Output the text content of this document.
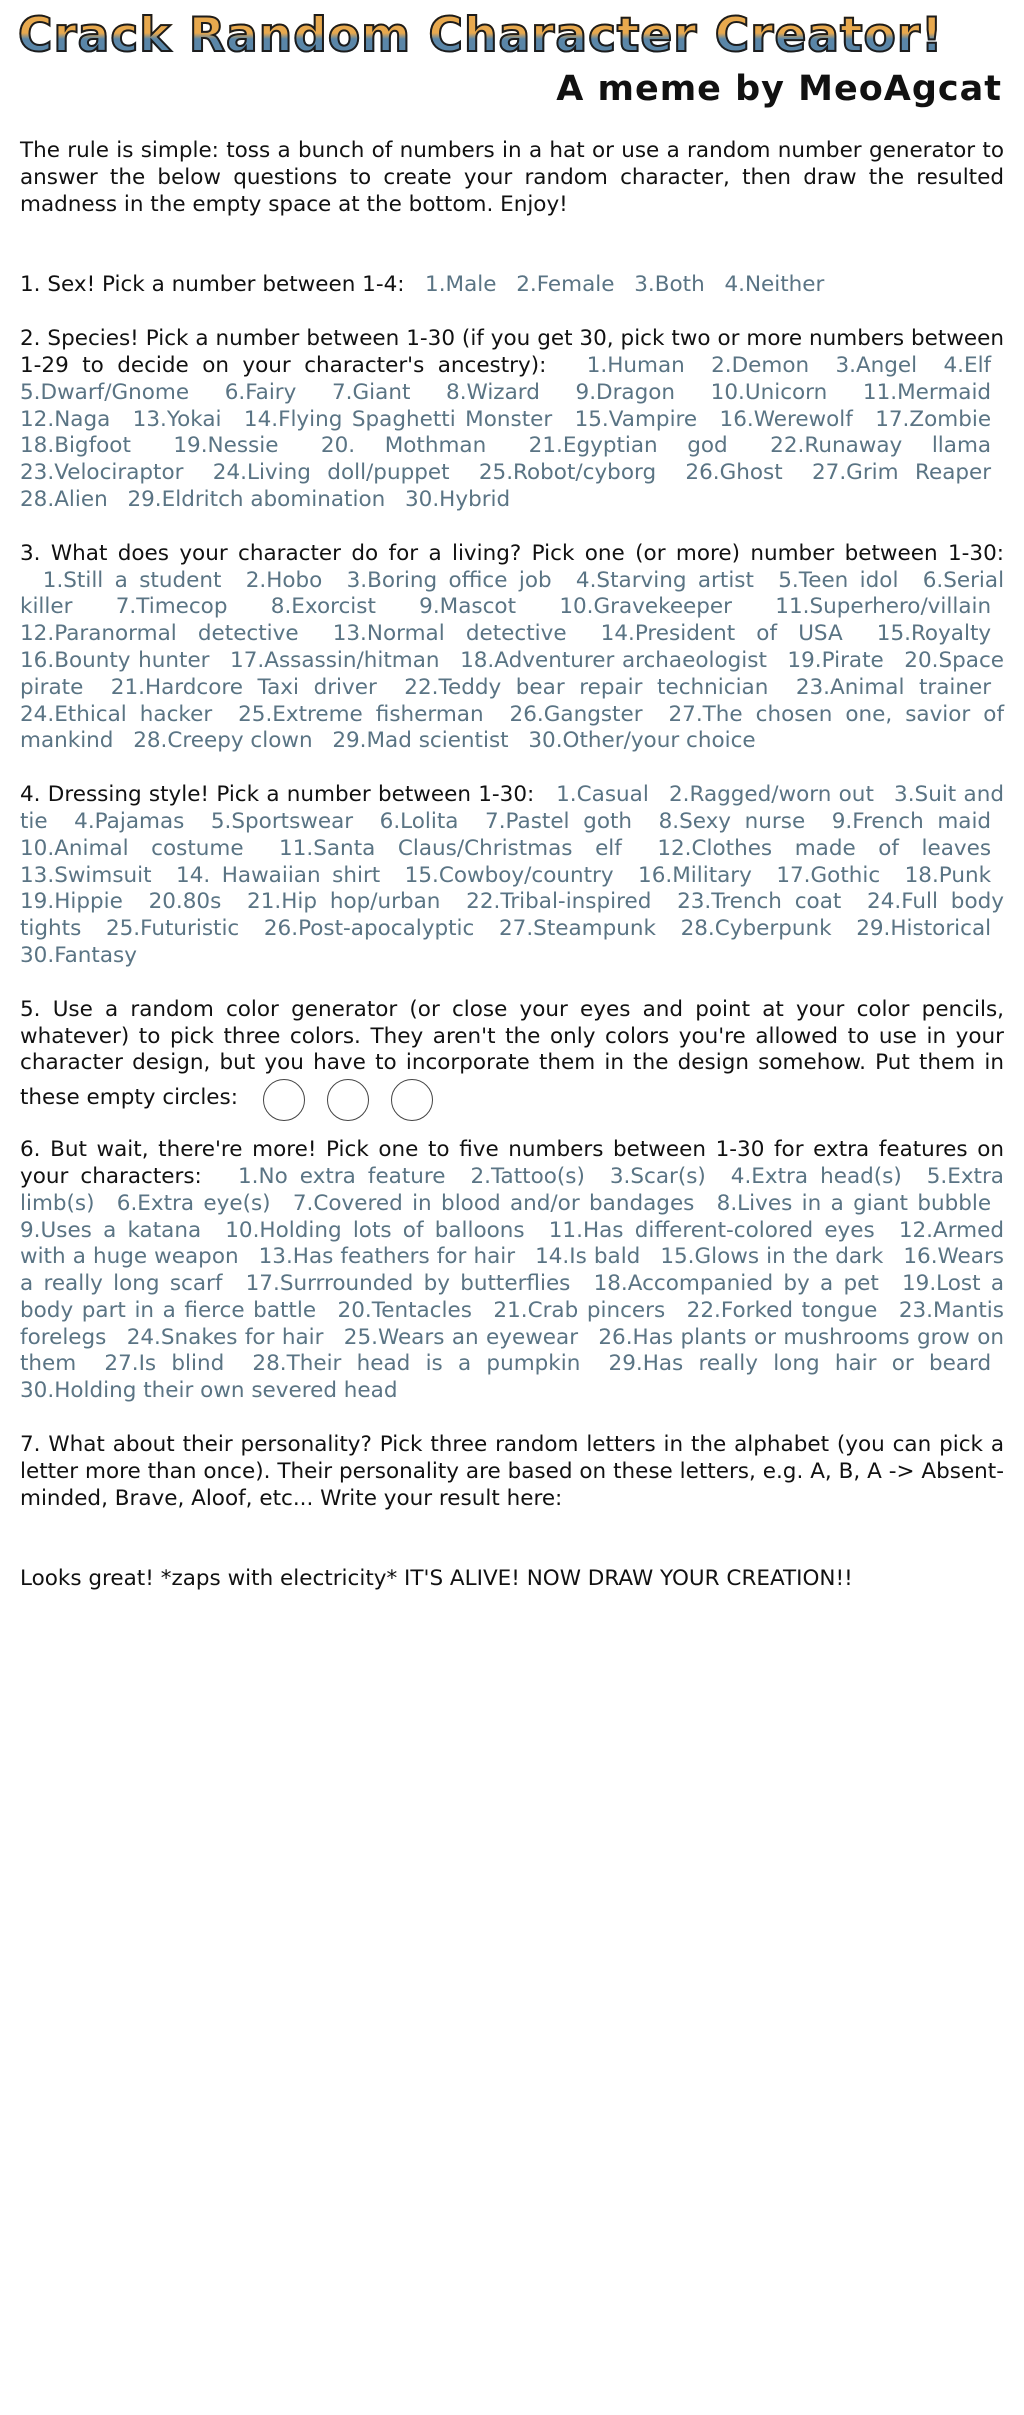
Crack Random Character Creator!
A meme by MeoAgcat

The rule is simple: toss a bunch of numbers in a hat or use a random number generator to answer the below questions to create your random character, then draw the resulted madness in the empty space at the bottom. Enjoy!

1. Sex! Pick a number between 1-4: 1.Male 2.Female 3.Both 4.Neither

2. Species! Pick a number between 1-30 (if you get 30, pick two or more numbers between 1-29 to decide on your character's ancestry): 1.Human 2.Demon 3.Angel 4.Elf 5.Dwarf/Gnome 6.Fairy 7.Giant 8.Wizard 9.Dragon 10.Unicorn 11.Mermaid 12.Naga 13.Yokai 14.Flying Spaghetti Monster 15.Vampire 16.Werewolf 17.Zombie 18.Bigfoot 19.Nessie 20. Mothman 21.Egyptian god 22.Runaway llama 23.Velociraptor 24.Living doll/puppet 25.Robot/cyborg 26.Ghost 27.Grim Reaper 28.Alien 29.Eldritch abomination 30.Hybrid

3. What does your character do for a living? Pick one (or more) number between 1-30:   1.Still a student 2.Hobo 3.Boring office job 4.Starving artist 5.Teen idol 6.Serial killer 7.Timecop 8.Exorcist 9.Mascot 10.Gravekeeper 11.Superhero/villain 12.Paranormal detective 13.Normal detective 14.President of USA 15.Royalty 16.Bounty hunter 17.Assassin/hitman 18.Adventurer archaeologist 19.Pirate 20.Space pirate 21.Hardcore Taxi driver 22.Teddy bear repair technician 23.Animal trainer 24.Ethical hacker 25.Extreme fisherman 26.Gangster 27.The chosen one, savior of mankind 28.Creepy clown 29.Mad scientist 30.Other/your choice

4. Dressing style! Pick a number between 1-30: 1.Casual 2.Ragged/worn out 3.Suit and tie 4.Pajamas 5.Sportswear 6.Lolita 7.Pastel goth 8.Sexy nurse 9.French maid 10.Animal costume 11.Santa Claus/Christmas elf 12.Clothes made of leaves 13.Swimsuit 14. Hawaiian shirt 15.Cowboy/country 16.Military 17.Gothic 18.Punk 19.Hippie 20.80s 21.Hip hop/urban 22.Tribal-inspired 23.Trench coat 24.Full body tights 25.Futuristic 26.Post-apocalyptic 27.Steampunk 28.Cyberpunk 29.Historical 30.Fantasy

5. Use a random color generator (or close your eyes and point at your color pencils, whatever) to pick three colors. They aren't the only colors you're allowed to use in your character design, but you have to incorporate them in the design somehow. Put them in these empty circles:

6. But wait, there're more! Pick one to five numbers between 1-30 for extra features on your characters: 1.No extra feature 2.Tattoo(s) 3.Scar(s) 4.Extra head(s) 5.Extra limb(s) 6.Extra eye(s) 7.Covered in blood and/or bandages 8.Lives in a giant bubble 9.Uses a katana 10.Holding lots of balloons 11.Has different-colored eyes 12.Armed with a huge weapon 13.Has feathers for hair 14.Is bald 15.Glows in the dark 16.Wears a really long scarf 17.Surrrounded by butterflies 18.Accompanied by a pet 19.Lost a body part in a fierce battle 20.Tentacles 21.Crab pincers 22.Forked tongue 23.Mantis forelegs 24.Snakes for hair 25.Wears an eyewear 26.Has plants or mushrooms grow on them 27.Is blind 28.Their head is a pumpkin 29.Has really long hair or beard 30.Holding their own severed head

7. What about their personality? Pick three random letters in the alphabet (you can pick a letter more than once). Their personality are based on these letters, e.g. A, B, A -> Absent-minded, Brave, Aloof, etc... Write your result here:

Looks great! *zaps with electricity* IT'S ALIVE! NOW DRAW YOUR CREATION!!
